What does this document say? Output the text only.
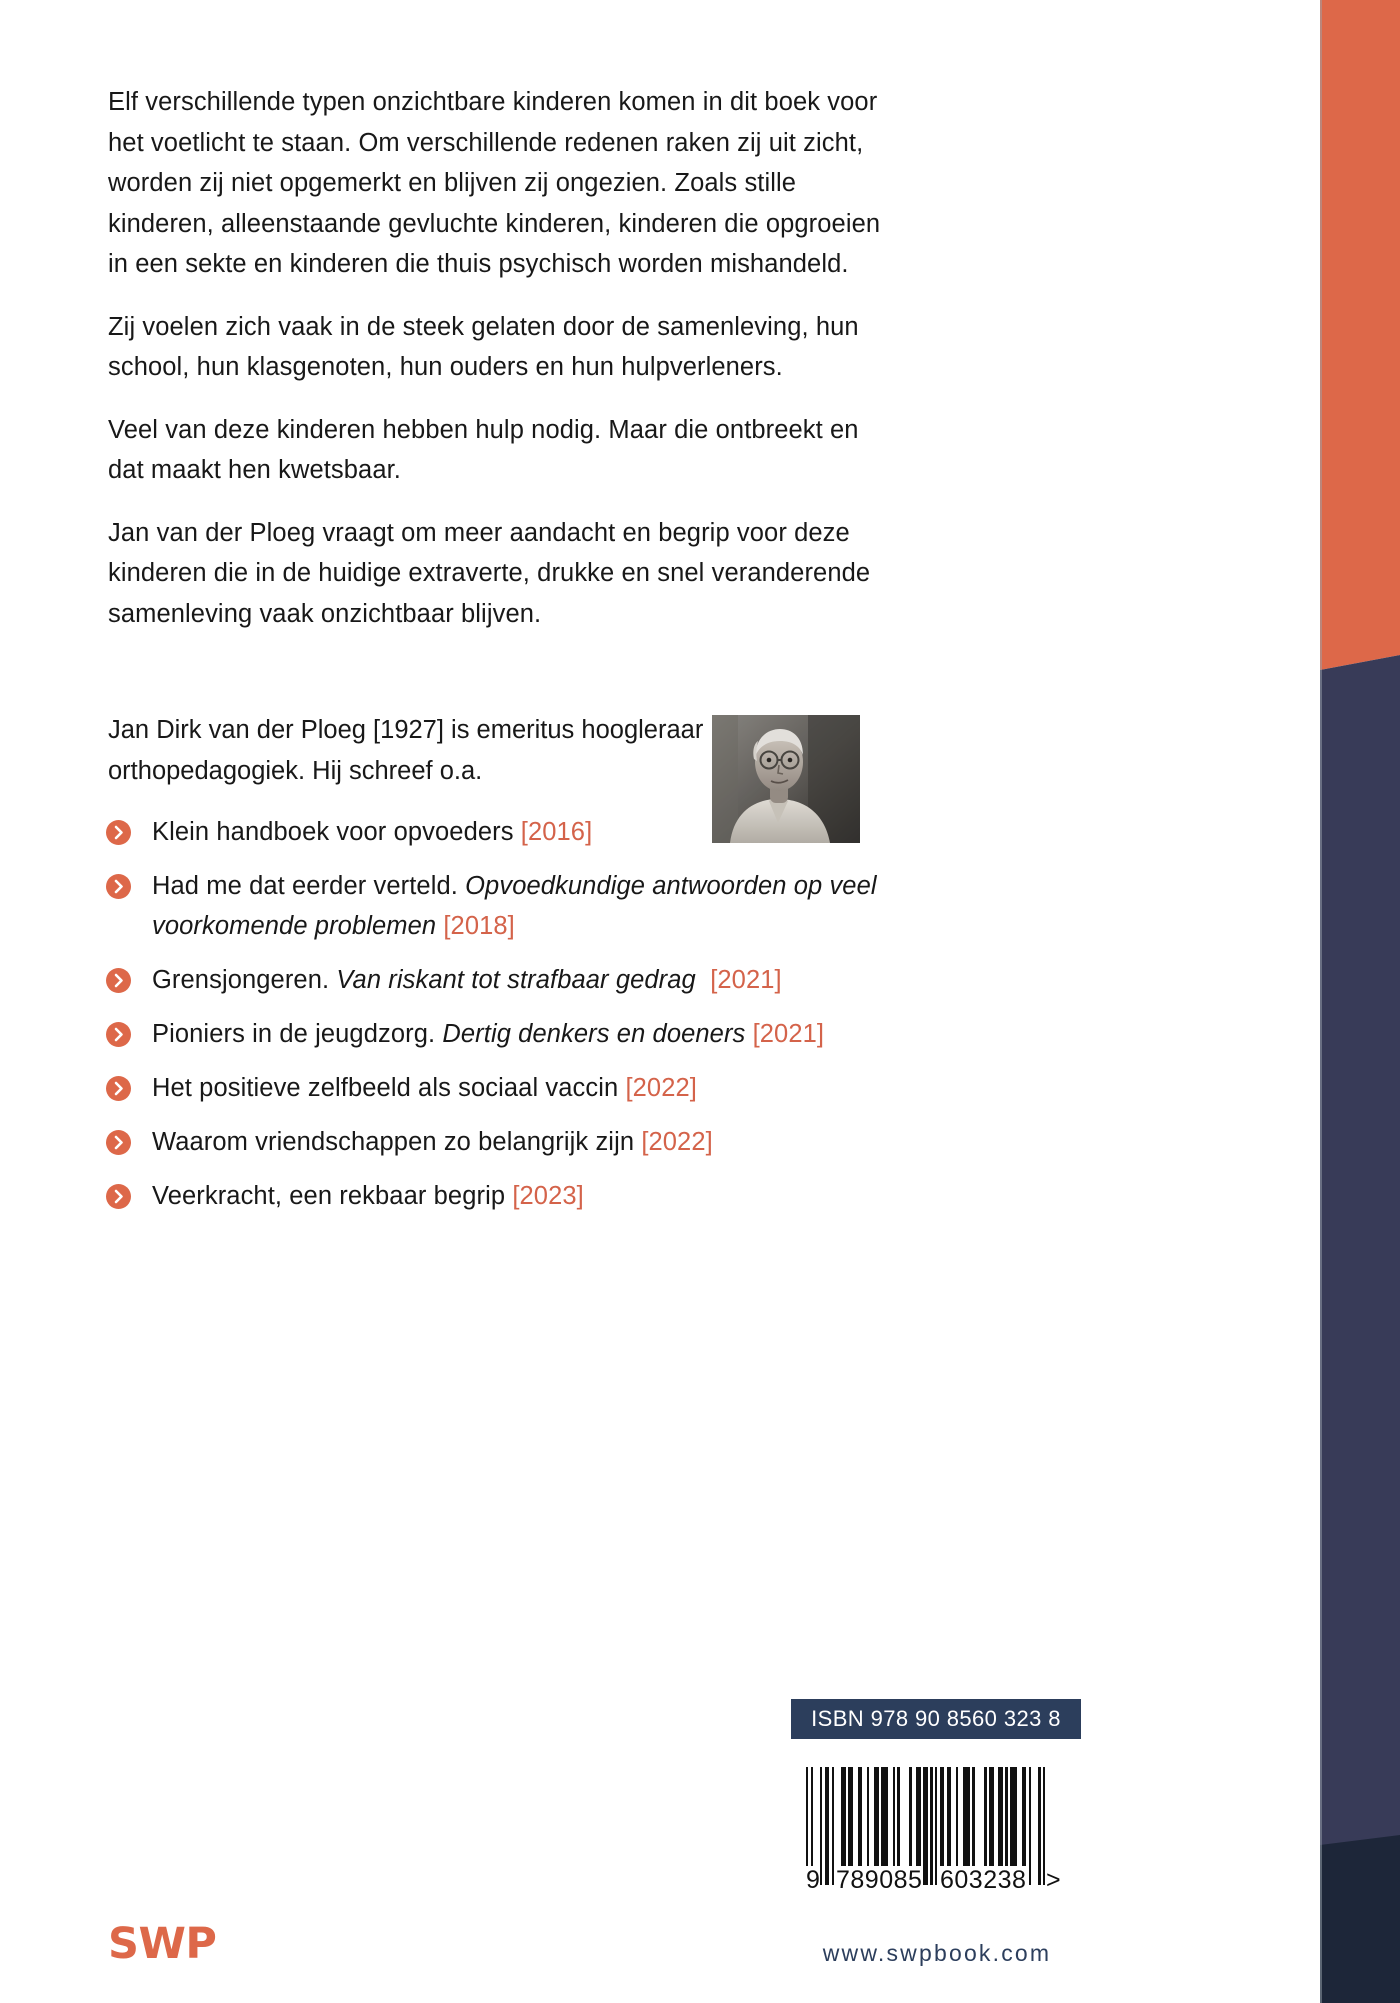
Elf verschillende typen onzichtbare kinderen komen in dit boek voor het voetlicht te staan. Om verschillende redenen raken zij uit zicht, worden zij niet opgemerkt en blijven zij ongezien. Zoals stille kinderen, alleenstaande gevluchte kinderen, kinderen die opgroeien in een sekte en kinderen die thuis psychisch worden mishandeld.

Zij voelen zich vaak in de steek gelaten door de samenleving, hun school, hun klasgenoten, hun ouders en hun hulpverleners.

Veel van deze kinderen hebben hulp nodig. Maar die ontbreekt en dat maakt hen kwetsbaar.

Jan van der Ploeg vraagt om meer aandacht en begrip voor deze kinderen die in de huidige extraverte, drukke en snel veranderende samenleving vaak onzichtbaar blijven.

Jan Dirk van der Ploeg [1927] is emeritus hoogleraar orthopedagogiek. Hij schreef o.a.
Klein handboek voor opvoeders [2016]
Had me dat eerder verteld. Opvoedkundige antwoorden op veel voorkomende problemen [2018]
Grensjongeren. Van riskant tot strafbaar gedrag [2021]
Pioniers in de jeugdzorg. Dertig denkers en doeners [2021]
Het positieve zelfbeeld als sociaal vaccin [2022]
Waarom vriendschappen zo belangrijk zijn [2022]
Veerkracht, een rekbaar begrip [2023]
ISBN 978 90 8560 323 8
9 789085 603238 >
SWP	www.swpbook.com
